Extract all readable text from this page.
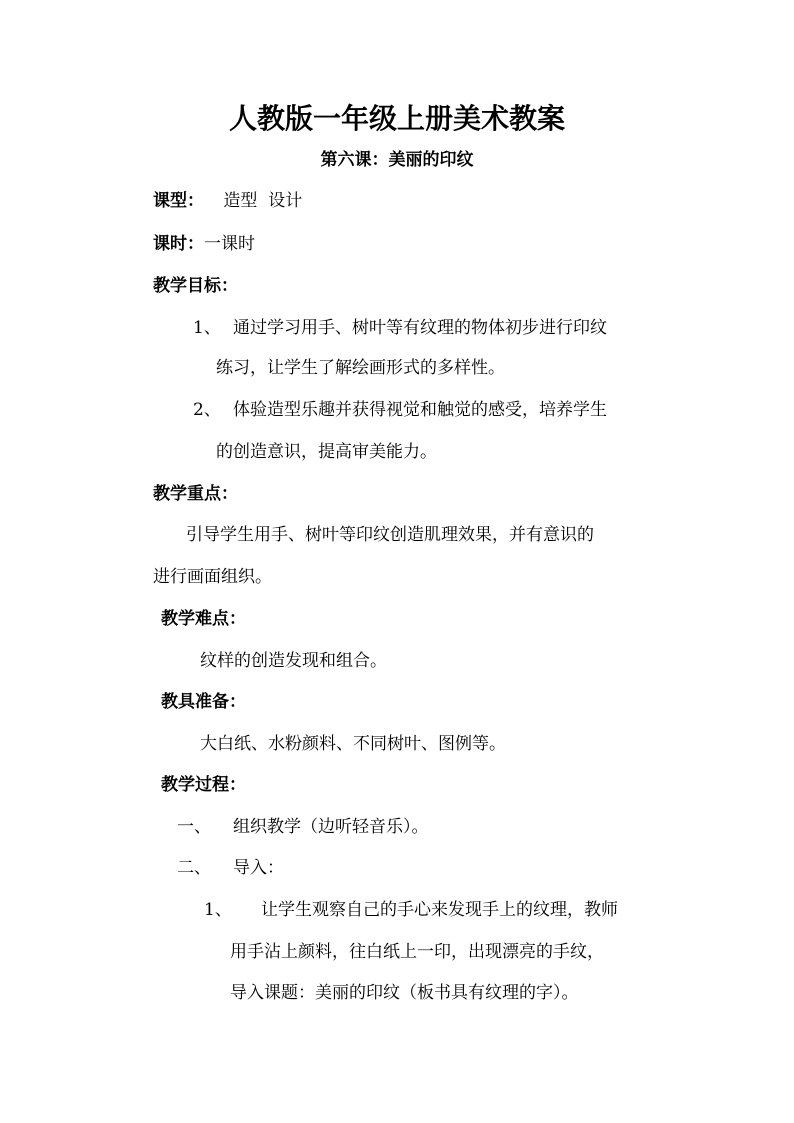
人教版一年级上册美术教案
第六课：美丽的印纹
课型： 造型  设计
课时：一课时
教学目标：
1、 通过学习用手、树叶等有纹理的物体初步进行印纹
练习，让学生了解绘画形式的多样性。
2、 体验造型乐趣并获得视觉和触觉的感受，培养学生
的创造意识，提高审美能力。
教学重点：
引导学生用手、树叶等印纹创造肌理效果，并有意识的
进行画面组织。
教学难点：
纹样的创造发现和组合。
教具准备：
大白纸、水粉颜料、不同树叶、图例等。
教学过程：
一、 组织教学（边听轻音乐）。
二、 导入：
1、 让学生观察自己的手心来发现手上的纹理，教师
用手沾上颜料，往白纸上一印，出现漂亮的手纹，
导入课题：美丽的印纹（板书具有纹理的字）。
